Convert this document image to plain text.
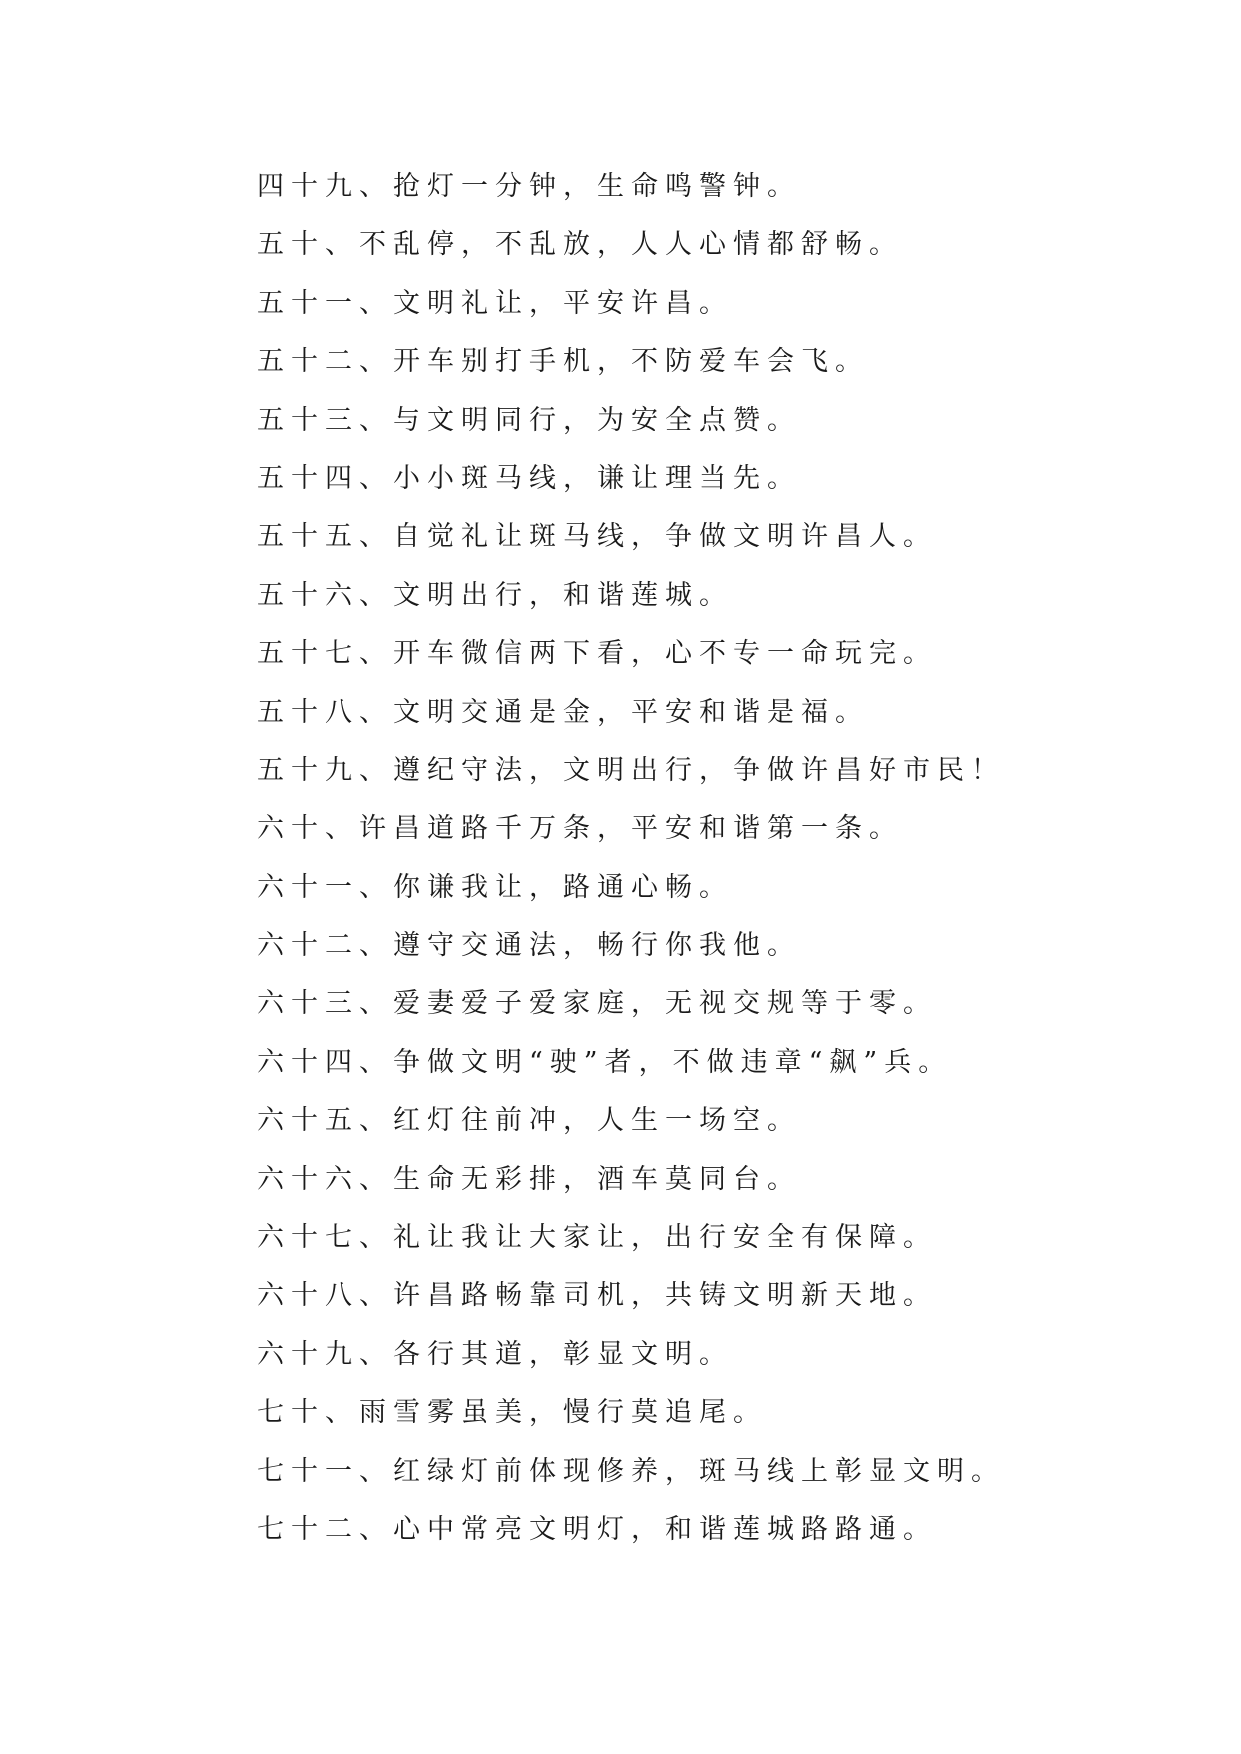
四十九、抢灯一分钟，生命鸣警钟。
五十、不乱停，不乱放，人人心情都舒畅。
五十一、文明礼让，平安许昌。
五十二、开车别打手机，不防爱车会飞。
五十三、与文明同行，为安全点赞。
五十四、小小斑马线，谦让理当先。
五十五、自觉礼让斑马线，争做文明许昌人。
五十六、文明出行，和谐莲城。
五十七、开车微信两下看，心不专一命玩完。
五十八、文明交通是金，平安和谐是福。
五十九、遵纪守法，文明出行，争做许昌好市民！
六十、许昌道路千万条，平安和谐第一条。
六十一、你谦我让，路通心畅。
六十二、遵守交通法，畅行你我他。
六十三、爱妻爱子爱家庭，无视交规等于零。
六十四、争做文明“驶”者，不做违章“飙”兵。
六十五、红灯往前冲，人生一场空。
六十六、生命无彩排，酒车莫同台。
六十七、礼让我让大家让，出行安全有保障。
六十八、许昌路畅靠司机，共铸文明新天地。
六十九、各行其道，彰显文明。
七十、雨雪雾虽美，慢行莫追尾。
七十一、红绿灯前体现修养，斑马线上彰显文明。
七十二、心中常亮文明灯，和谐莲城路路通。
